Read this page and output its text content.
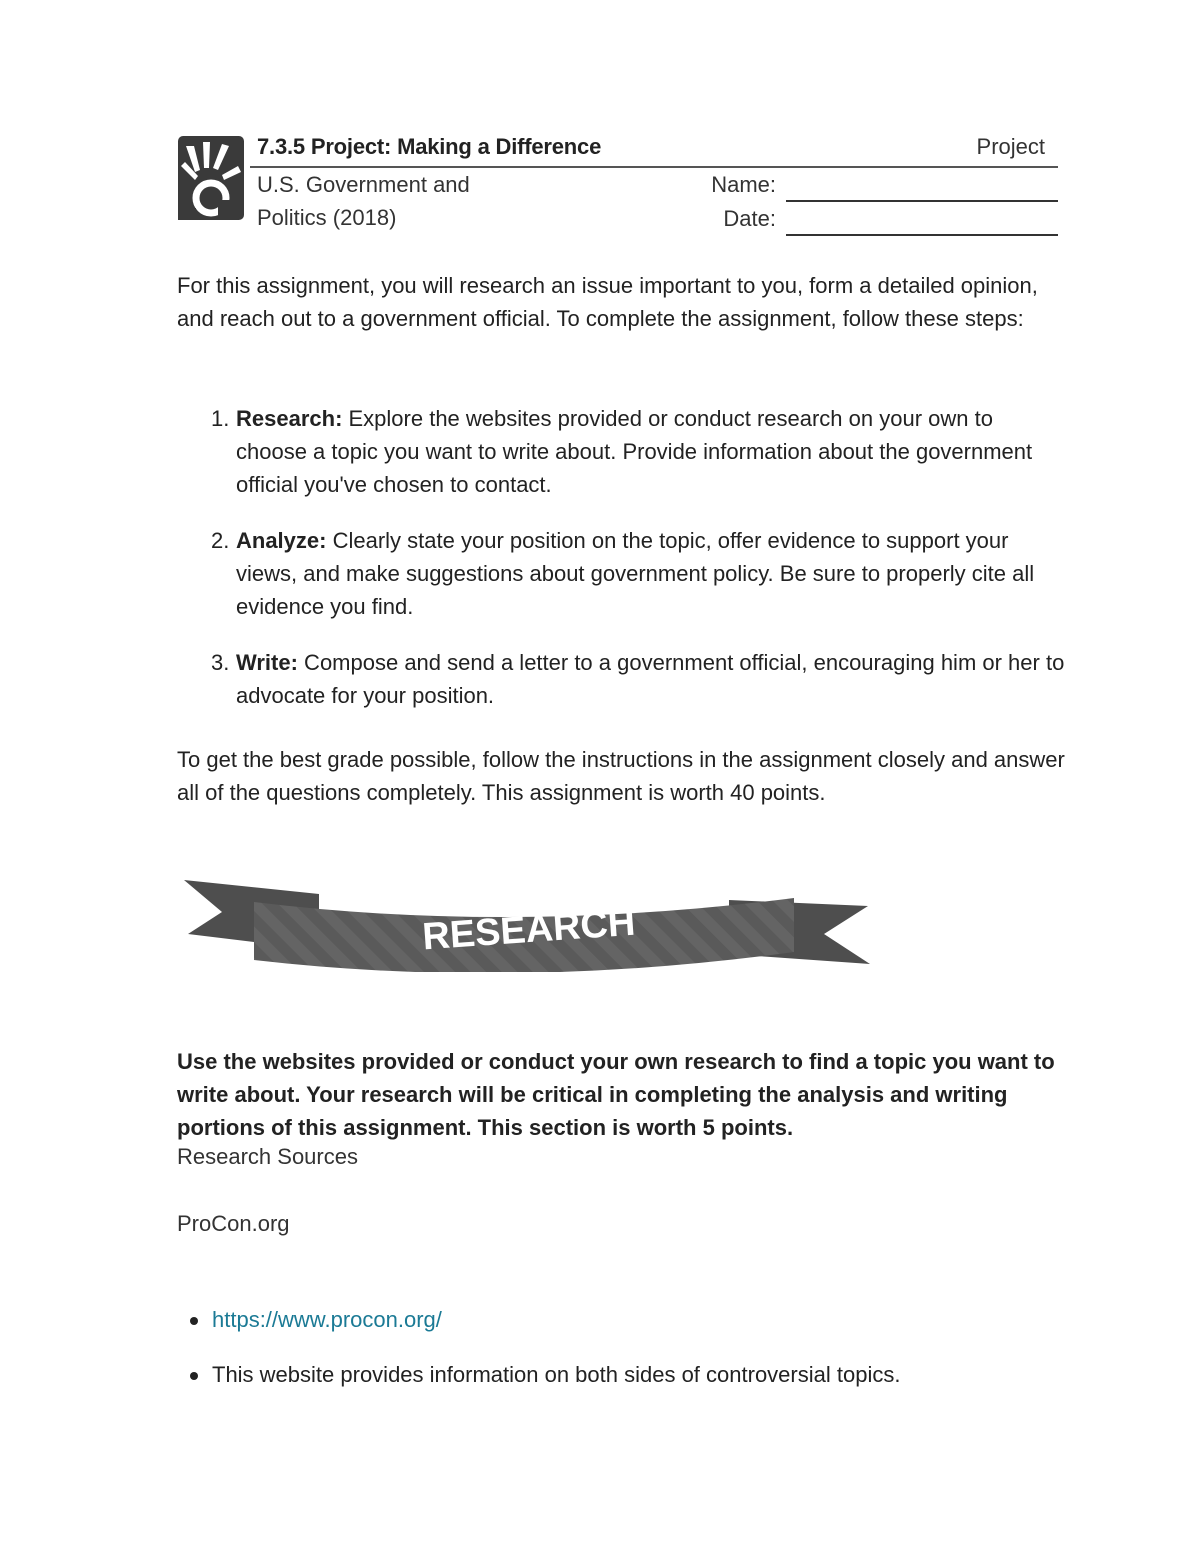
7.3.5 Project: Making a Difference	Project
U.S. Government and
Politics (2018)
Name:
Date:

For this assignment, you will research an issue important to you, form a detailed opinion, and reach out to a government official. To complete the assignment, follow these steps:

1. Research: Explore the websites provided or conduct research on your own to choose a topic you want to write about. Provide information about the government official you've chosen to contact.
2. Analyze: Clearly state your position on the topic, offer evidence to support your views, and make suggestions about government policy. Be sure to properly cite all evidence you find.
3. Write: Compose and send a letter to a government official, encouraging him or her to advocate for your position.

To get the best grade possible, follow the instructions in the assignment closely and answer all of the questions completely. This assignment is worth 40 points.

RESEARCH

Use the websites provided or conduct your own research to find a topic you want to write about. Your research will be critical in completing the analysis and writing portions of this assignment. This section is worth 5 points.

Research Sources
ProCon.org
https://www.procon.org/
This website provides information on both sides of controversial topics.
